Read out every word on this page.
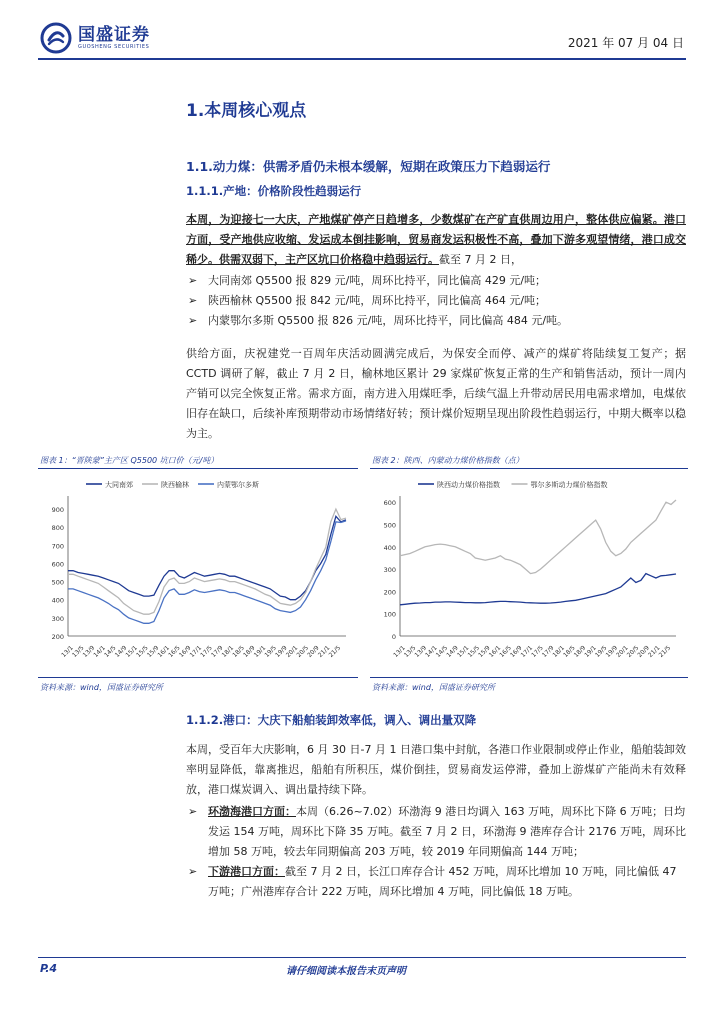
国盛证券
GUOSHENG SECURITIES	2021 年 07 月 04 日
1.本周核心观点
1.1.动力煤：供需矛盾仍未根本缓解，短期在政策压力下趋弱运行
1.1.1.产地：价格阶段性趋弱运行
本周，为迎接七一大庆，产地煤矿停产日趋增多，少数煤矿在产矿直供周边用户，整体供应偏紧。港口方面，受产地供应收缩、发运成本倒挂影响，贸易商发运积极性不高，叠加下游多观望情绪，港口成交稀少。供需双弱下，主产区坑口价格稳中趋弱运行。截至 7 月 2 日，
➢ 大同南郊 Q5500 报 829 元/吨，周环比持平，同比偏高 429 元/吨；
➢ 陕西榆林 Q5500 报 842 元/吨，周环比持平，同比偏高 464 元/吨；
➢ 内蒙鄂尔多斯 Q5500 报 826 元/吨，周环比持平，同比偏高 484 元/吨。
供给方面，庆祝建党一百周年庆活动圆满完成后，为保安全而停、减产的煤矿将陆续复工复产；据 CCTD 调研了解，截止 7 月 2 日，榆林地区累计 29 家煤矿恢复正常的生产和销售活动，预计一周内产销可以完全恢复正常。需求方面，南方进入用煤旺季，后续气温上升带动居民用电需求增加，电煤依旧存在缺口，后续补库预期带动市场情绪好转；预计煤价短期呈现出阶段性趋弱运行，中期大概率以稳为主。
图表 1：“晋陕蒙”主产区 Q5500 坑口价（元/吨）
200
300
400
500
600
700
800
900
13/1
13/5
13/9
14/1
14/5
14/9
15/1
15/5
15/9
16/1
16/5
16/9
17/1
17/5
17/9
18/1
18/5
18/9
19/1
19/5
19/9
20/1
20/5
20/9
21/1
21/5
大同南郊	陕西榆林	内蒙鄂尔多斯
资料来源：wind，国盛证券研究所
图表 2：陕西、内蒙动力煤价格指数（点）
0
100
200
300
400
500
600
13/1
13/5
13/9
14/1
14/5
14/9
15/1
15/5
15/9
16/1
16/5
16/9
17/1
17/5
17/9
18/1
18/5
18/9
19/1
19/5
19/9
20/1
20/5
20/9
21/1
21/5
陕西动力煤价格指数	鄂尔多斯动力煤价格指数
资料来源：wind，国盛证券研究所
1.1.2.港口：大庆下船舶装卸效率低，调入、调出量双降
本周，受百年大庆影响，6 月 30 日-7 月 1 日港口集中封航，各港口作业限制或停止作业，船舶装卸效率明显降低，靠离推迟，船舶有所积压，煤价倒挂，贸易商发运停滞，叠加上游煤矿产能尚未有效释放，港口煤炭调入、调出量持续下降。
➢ 环渤海港口方面：本周（6.26~7.02）环渤海 9 港日均调入 163 万吨，周环比下降 6 万吨；日均发运 154 万吨，周环比下降 35 万吨。截至 7 月 2 日，环渤海 9 港库存合计 2176 万吨，周环比增加 58 万吨，较去年同期偏高 203 万吨，较 2019 年同期偏高 144 万吨；
➢ 下游港口方面：截至 7 月 2 日，长江口库存合计 452 万吨，周环比增加 10 万吨，同比偏低 47 万吨；广州港库存合计 222 万吨，周环比增加 4 万吨，同比偏低 18 万吨。
P.4	请仔细阅读本报告末页声明
